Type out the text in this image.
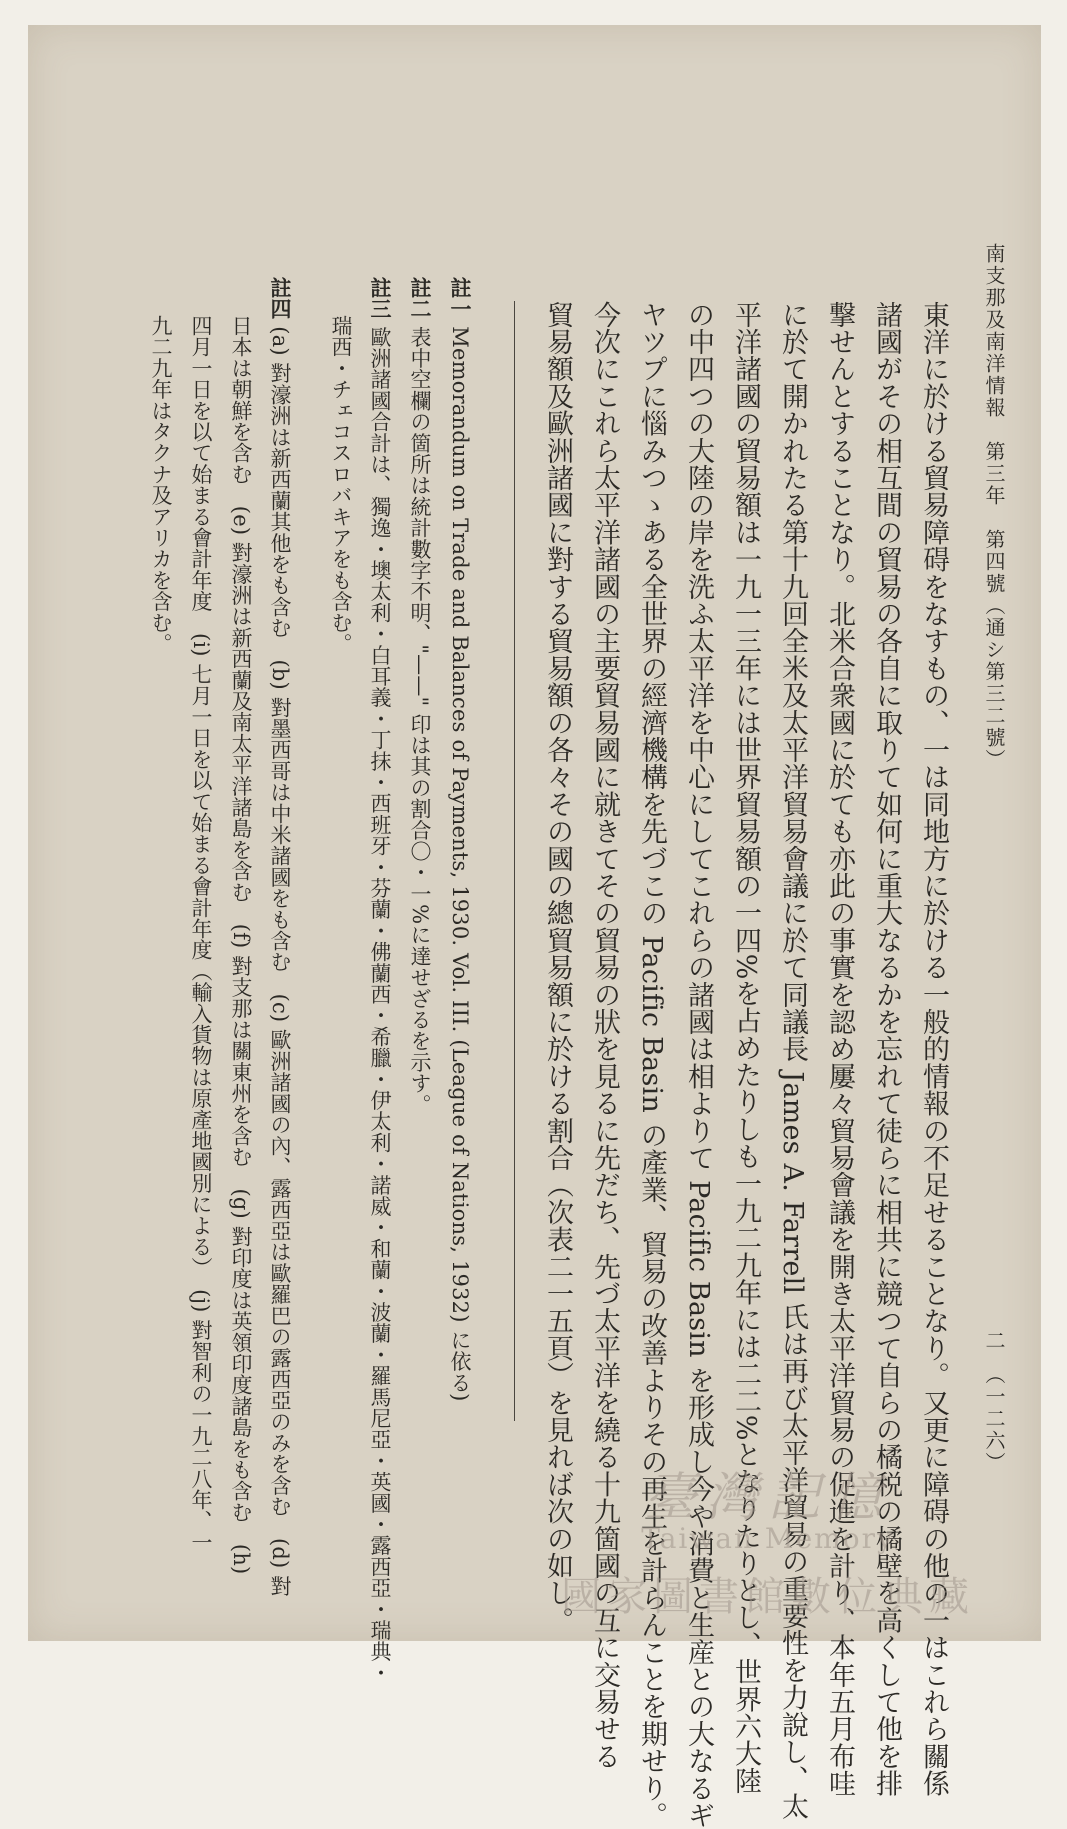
南支那及南洋情報　第三年　第四號（通シ第三二號）
二　（一二六）
東洋に於ける貿易障碍をなすもの、一は同地方に於ける一般的情報の不足せることなり。又更に障碍の他の一はこれら關係
諸國がその相互間の貿易の各自に取りて如何に重大なるかを忘れて徒らに相共に競つて自らの橘税の橘壁を高くして他を排
撃せんとすることなり。北米合衆國に於ても亦此の事實を認め屢々貿易會議を開き太平洋貿易の促進を計り、本年五月布哇
に於て開かれたる第十九回全米及太平洋貿易會議に於て同議長 James A. Farrell 氏は再び太平洋貿易の重要性を力說し、太
平洋諸國の貿易額は一九一三年には世界貿易額の一四%を占めたりしも一九二九年には二二%となりたりとし、世界六大陸
の中四つの大陸の岸を洗ふ太平洋を中心にしてこれらの諸國は相よりて Pacific Basin を形成し今や消費と生産との大なるギ
ヤツプに惱みつゝある全世界の經濟機構を先づこの Pacific Basin の產業、貿易の改善よりその再生を計らんことを期せり。
今次にこれら太平洋諸國の主要貿易國に就きてその貿易の狀を見るに先だち、先づ太平洋を繞る十九箇國の互に交易せる
貿易額及歐洲諸國に對する貿易額の各々その國の總貿易額に於ける割合（次表二一五頁）を見れば次の如し。
註一 Memorandum on Trade and Balances of Payments, 1930. Vol. III. (League of Nations, 1932) に依る)
註二 表中空欄の箇所は統計數字不明、"——" 印は其の割合〇・一%に達せざるを示す。
註三 歐洲諸國合計は、獨逸・墺太利・白耳義・丁抹・西班牙・芬蘭・佛蘭西・希臘・伊太利・諾威・和蘭・波蘭・羅馬尼亞・英國・露西亞・瑞典・
瑞西・チェコスロバキアをも含む。
註四 (a) 對濠洲は新西蘭其他をも含む　(b) 對墨西哥は中米諸國をも含む　(c) 歐洲諸國の內、露西亞は歐羅巴の露西亞のみを含む　(d) 對
日本は朝鮮を含む　(e) 對濠洲は新西蘭及南太平洋諸島を含む　(f) 對支那は關東州を含む　(g) 對印度は英領印度諸島をも含む　(h)
四月一日を以て始まる會計年度　(i) 七月一日を以て始まる會計年度（輸入貨物は原產地國別による）　(j) 對智利の一九二八年、一
九二九年はタクナ及アリカを含む。
臺灣記憶
Taiwan Memory
國家圖書館數位典藏
